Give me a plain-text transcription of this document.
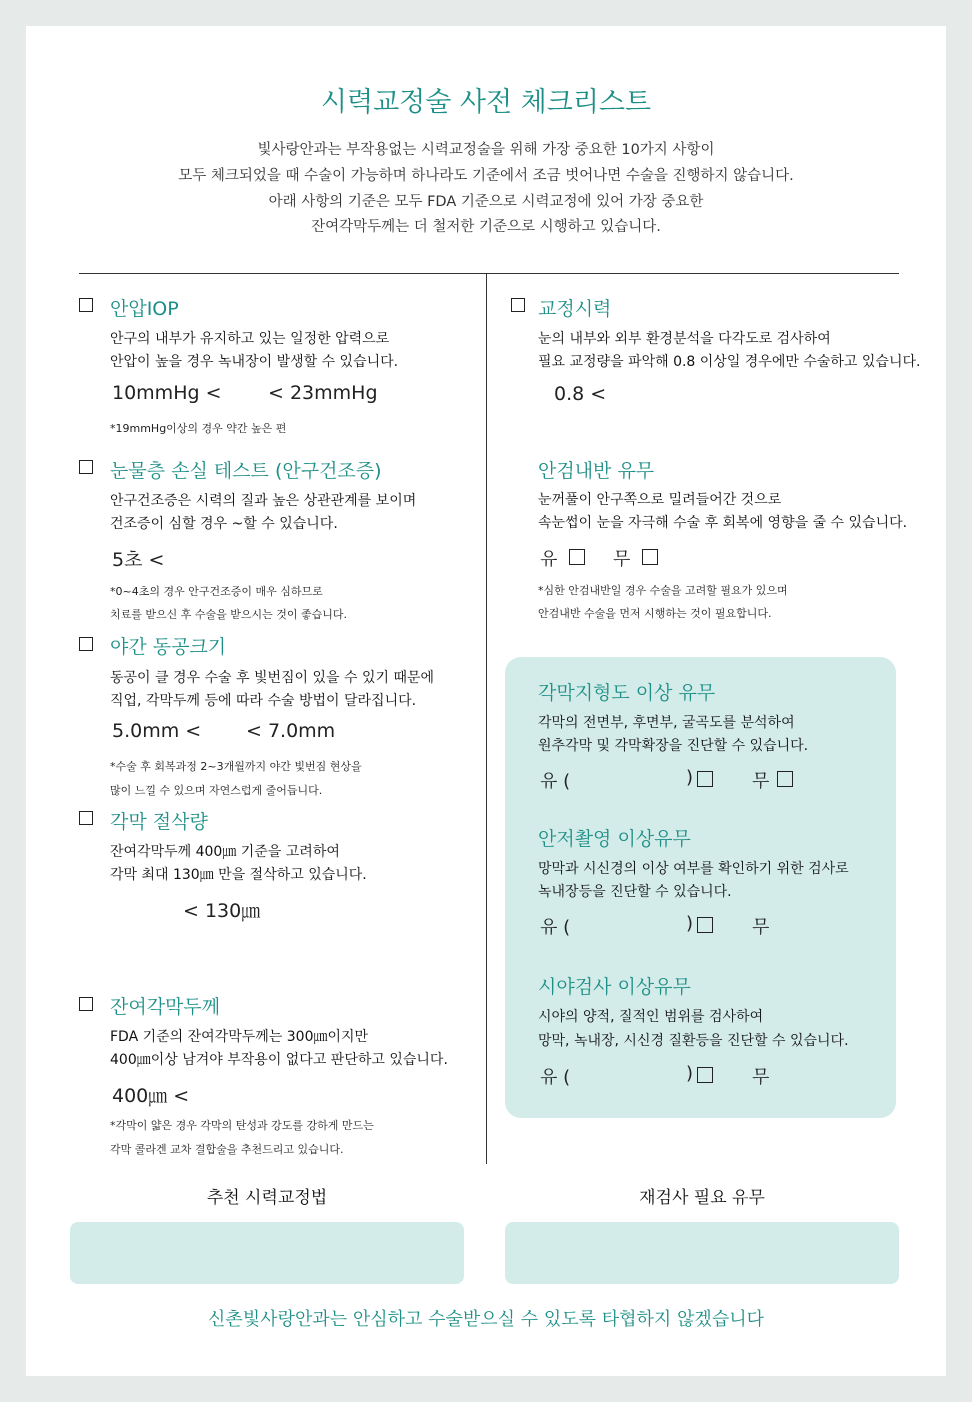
시력교정술 사전 체크리스트
빛사랑안과는 부작용없는 시력교정술을 위해 가장 중요한 10가지 사항이
모두 체크되었을 때 수술이 가능하며 하나라도 기준에서 조금 벗어나면 수술을 진행하지 않습니다.
아래 사항의 기준은 모두 FDA 기준으로 시력교정에 있어 가장 중요한
잔여각막두께는 더 철저한 기준으로 시행하고 있습니다.
안압IOP
안구의 내부가 유지하고 있는 일정한 압력으로
안압이 높을 경우 녹내장이 발생할 수 있습니다.
10mmHg < < 23mmHg
*19mmHg이상의 경우 약간 높은 편
눈물층 손실 테스트 (안구건조증)
안구건조증은 시력의 질과 높은 상관관계를 보이며
건조증이 심할 경우 ~할 수 있습니다.
5초 <
*0~4초의 경우 안구건조증이 매우 심하므로
치료를 받으신 후 수술을 받으시는 것이 좋습니다.
야간 동공크기
동공이 클 경우 수술 후 빛번짐이 있을 수 있기 때문에
직업, 각막두께 등에 따라 수술 방법이 달라집니다.
5.0mm < < 7.0mm
*수술 후 회복과정 2~3개월까지 야간 빛번짐 현상을
많이 느낄 수 있으며 자연스럽게 줄어듭니다.
각막 절삭량
잔여각막두께 400㎛ 기준을 고려하여
각막 최대 130㎛ 만을 절삭하고 있습니다.
< 130㎛
잔여각막두께
FDA 기준의 잔여각막두께는 300㎛이지만
400㎛이상 남겨야 부작용이 없다고 판단하고 있습니다.
400㎛ <
*각막이 얇은 경우 각막의 탄성과 강도를 강하게 만드는
각막 콜라겐 교차 결합술을 추천드리고 있습니다.
교정시력
눈의 내부와 외부 환경분석을 다각도로 검사하여
필요 교정량을 파악해 0.8 이상일 경우에만 수술하고 있습니다.
0.8 <
안검내반 유무
눈꺼풀이 안구쪽으로 밀려들어간 것으로
속눈썹이 눈을 자극해 수술 후 회복에 영향을 줄 수 있습니다.
유	무
*심한 안검내반일 경우 수술을 고려할 필요가 있으며
안검내반 수술을 먼저 시행하는 것이 필요합니다.
각막지형도 이상 유무
각막의 전면부, 후면부, 굴곡도를 분석하여
원추각막 및 각막확장을 진단할 수 있습니다.
유 (	)	무
안저촬영 이상유무
망막과 시신경의 이상 여부를 확인하기 위한 검사로
녹내장등을 진단할 수 있습니다.
유 (	)	무
시야검사 이상유무
시야의 양적, 질적인 범위를 검사하여
망막, 녹내장, 시신경 질환등을 진단할 수 있습니다.
유 (	)	무
추천 시력교정법	재검사 필요 유무
신촌빛사랑안과는 안심하고 수술받으실 수 있도록 타협하지 않겠습니다
